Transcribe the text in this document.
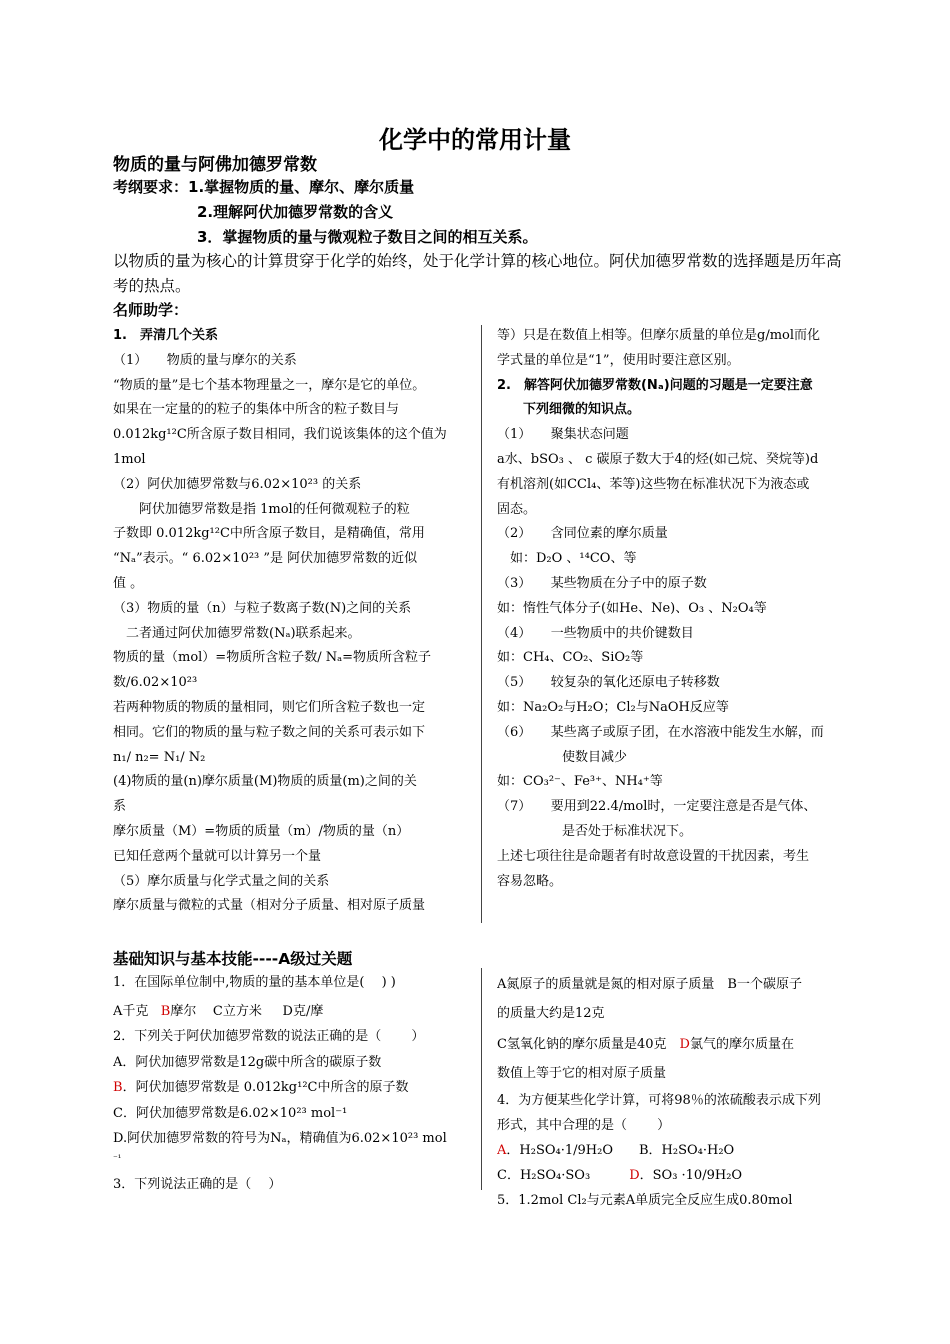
化学中的常用计量
物质的量与阿佛加德罗常数
考纲要求：1.掌握物质的量、摩尔、摩尔质量
2.理解阿伏加德罗常数的含义
3．掌握物质的量与微观粒子数目之间的相互关系。
以物质的量为核心的计算贯穿于化学的始终，处于化学计算的核心地位。阿伏加德罗常数的选择题是历年高考的热点。
名师助学：
1.　弄清几个关系
（1）　　物质的量与摩尔的关系
“物质的量”是七个基本物理量之一，摩尔是它的单位。
如果在一定量的的粒子的集体中所含的粒子数目与
0.012kg¹²C所含原子数目相同，我们说该集体的这个值为
1mol
（2）阿伏加德罗常数与6.02×10²³ 的关系
　　阿伏加德罗常数是指 1mol的任何微观粒子的粒
子数即 0.012kg¹²C中所含原子数目，是精确值，常用
“Nₐ”表示。“ 6.02×10²³ ”是 阿伏加德罗常数的近似
值 。
（3）物质的量（n）与粒子数离子数(N)之间的关系
　二者通过阿伏加德罗常数(Nₐ)联系起来。
物质的量（mol）=物质所含粒子数/ Nₐ=物质所含粒子
数/6.02×10²³
若两种物质的物质的量相同，则它们所含粒子数也一定
相同。它们的物质的量与粒子数之间的关系可表示如下
n₁/ n₂= N₁/ N₂
(4)物质的量(n)摩尔质量(M)物质的质量(m)之间的关
系
摩尔质量（M）=物质的质量（m）/物质的量（n）
已知任意两个量就可以计算另一个量
（5）摩尔质量与化学式量之间的关系
摩尔质量与微粒的式量（相对分子质量、相对原子质量
等）只是在数值上相等。但摩尔质量的单位是g/mol而化
学式量的单位是“1”，使用时要注意区别。
2.　解答阿伏加德罗常数(Nₐ)问题的习题是一定要注意
　　下列细微的知识点。
（1）　　聚集状态问题
a水、bSO₃ 、 c 碳原子数大于4的烃(如己烷、癸烷等)d
有机溶剂(如CCl₄、苯等)这些物在标准状况下为液态或
固态。
（2）　　含同位素的摩尔质量
　如：D₂O 、¹⁴CO、等
（3）　　某些物质在分子中的原子数
如：惰性气体分子(如He、Ne)、O₃ 、N₂O₄等
（4）　　一些物质中的共价键数目
如：CH₄、CO₂、SiO₂等
（5）　　较复杂的氧化还原电子转移数
如：Na₂O₂与H₂O；Cl₂与NaOH反应等
（6）　　某些离子或原子团，在水溶液中能发生水解，而
　　　　　使数目减少
如：CO₃²⁻、Fe³⁺、NH₄⁺等
（7）　　要用到22.4/mol时，一定要注意是否是气体、
　　　　　是否处于标准状况下。
上述七项往往是命题者有时故意设置的干扰因素，考生
容易忽略。
基础知识与基本技能----A级过关题
1．在国际单位制中,物质的量的基本单位是(　 ) )
A千克 B摩尔 C立方米 D克/摩
2．下列关于阿伏加德罗常数的说法正确的是（　　 ）
A．阿伏加德罗常数是12g碳中所含的碳原子数
B．阿伏加德罗常数是 0.012kg¹²C中所含的原子数
C．阿伏加德罗常数是6.02×10²³ mol⁻¹
D.阿伏加德罗常数的符号为Nₐ，精确值为6.02×10²³ mol
⁻¹
3．下列说法正确的是（　 ）
A氮原子的质量就是氮的相对原子质量　B一个碳原子
的质量大约是12克
C氢氧化钠的摩尔质量是40克　D氯气的摩尔质量在
数值上等于它的相对原子质量
4．为方便某些化学计算，可将98％的浓硫酸表示成下列
形式，其中合理的是（　　 ）
A．H₂SO₄·1/9H₂O　　B．H₂SO₄·H₂O
C．H₂SO₄·SO₃　　　D．SO₃ ·10/9H₂O
5．1.2mol Cl₂与元素A单质完全反应生成0.80mol
